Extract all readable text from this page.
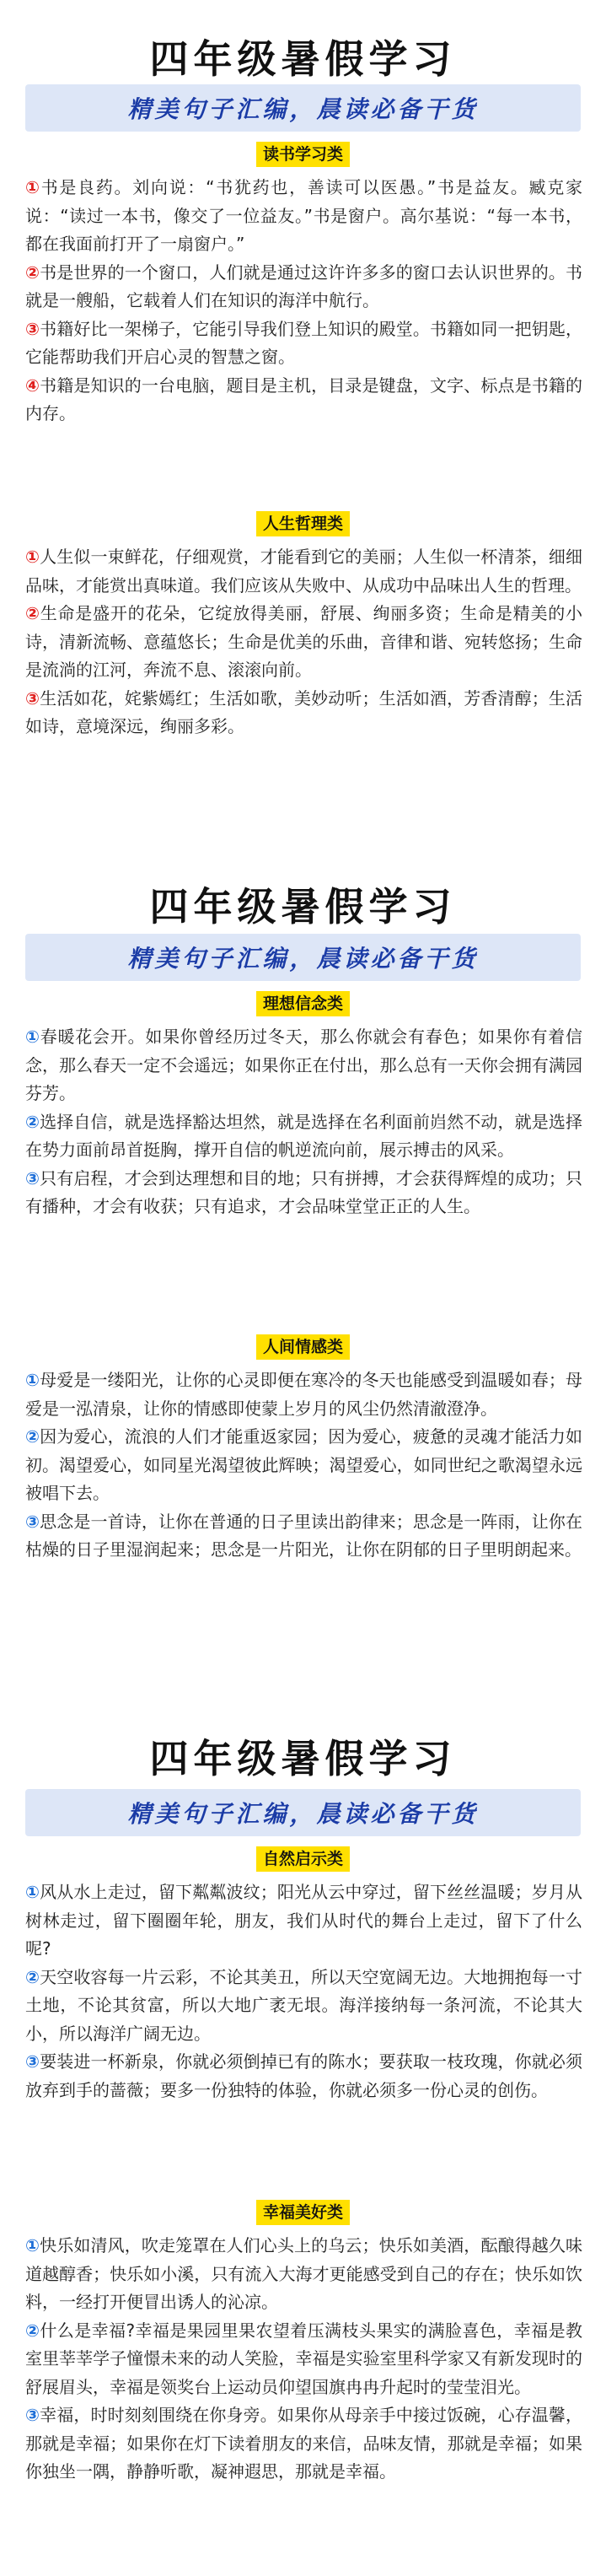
四年级暑假学习
精美句子汇编，晨读必备干货
读书学习类
①书是良药。刘向说：“书犹药也，善读可以医愚。”书是益友。臧克家说：“读过一本书，像交了一位益友。”书是窗户。高尔基说：“每一本书，都在我面前打开了一扇窗户。”
②书是世界的一个窗口，人们就是通过这许许多多的窗口去认识世界的。书就是一艘船，它载着人们在知识的海洋中航行。
③书籍好比一架梯子，它能引导我们登上知识的殿堂。书籍如同一把钥匙，它能帮助我们开启心灵的智慧之窗。
④书籍是知识的一台电脑，题目是主机，目录是键盘，文字、标点是书籍的内存。
人生哲理类
①人生似一束鲜花，仔细观赏，才能看到它的美丽；人生似一杯清茶，细细品味，才能赏出真味道。我们应该从失败中、从成功中品味出人生的哲理。
②生命是盛开的花朵，它绽放得美丽，舒展、绚丽多资；生命是精美的小诗，清新流畅、意蕴悠长；生命是优美的乐曲，音律和谐、宛转悠扬；生命是流淌的江河，奔流不息、滚滚向前。
③生活如花，姹紫嫣红；生活如歌，美妙动听；生活如酒，芳香清醇；生活如诗，意境深远，绚丽多彩。
四年级暑假学习
精美句子汇编，晨读必备干货
理想信念类
①春暖花会开。如果你曾经历过冬天，那么你就会有春色；如果你有着信念，那么春天一定不会遥远；如果你正在付出，那么总有一天你会拥有满园芬芳。
②选择自信，就是选择豁达坦然，就是选择在名利面前岿然不动，就是选择在势力面前昂首挺胸，撑开自信的帆逆流向前，展示搏击的风采。
③只有启程，才会到达理想和目的地；只有拼搏，才会获得辉煌的成功；只有播种，才会有收获；只有追求，才会品味堂堂正正的人生。
人间情感类
①母爱是一缕阳光，让你的心灵即便在寒冷的冬天也能感受到温暖如春；母爱是一泓清泉，让你的情感即使蒙上岁月的风尘仍然清澈澄净。
②因为爱心，流浪的人们才能重返家园；因为爱心，疲惫的灵魂才能活力如初。渴望爱心，如同星光渴望彼此辉映；渴望爱心，如同世纪之歌渴望永远被唱下去。
③思念是一首诗，让你在普通的日子里读出韵律来；思念是一阵雨，让你在枯燥的日子里湿润起来；思念是一片阳光，让你在阴郁的日子里明朗起来。
四年级暑假学习
精美句子汇编，晨读必备干货
自然启示类
①风从水上走过，留下粼粼波纹；阳光从云中穿过，留下丝丝温暖；岁月从树林走过，留下圈圈年轮，朋友，我们从时代的舞台上走过，留下了什么呢?
②天空收容每一片云彩，不论其美丑，所以天空宽阔无边。大地拥抱每一寸土地，不论其贫富，所以大地广袤无垠。海洋接纳每一条河流，不论其大小，所以海洋广阔无边。
③要装进一杯新泉，你就必须倒掉已有的陈水；要获取一枝玫瑰，你就必须放弃到手的蔷薇；要多一份独特的体验，你就必须多一份心灵的创伤。
幸福美好类
①快乐如清风，吹走笼罩在人们心头上的乌云；快乐如美酒，酝酿得越久味道越醇香；快乐如小溪，只有流入大海才更能感受到自己的存在；快乐如饮料，一经打开便冒出诱人的沁凉。
②什么是幸福?幸福是果园里果农望着压满枝头果实的满脸喜色，幸福是教室里莘莘学子憧憬未来的动人笑脸，幸福是实验室里科学家又有新发现时的舒展眉头，幸福是领奖台上运动员仰望国旗冉冉升起时的莹莹泪光。
③幸福，时时刻刻围绕在你身旁。如果你从母亲手中接过饭碗，心存温馨，那就是幸福；如果你在灯下读着朋友的来信，品味友情，那就是幸福；如果你独坐一隅，静静听歌，凝神遐思，那就是幸福。
